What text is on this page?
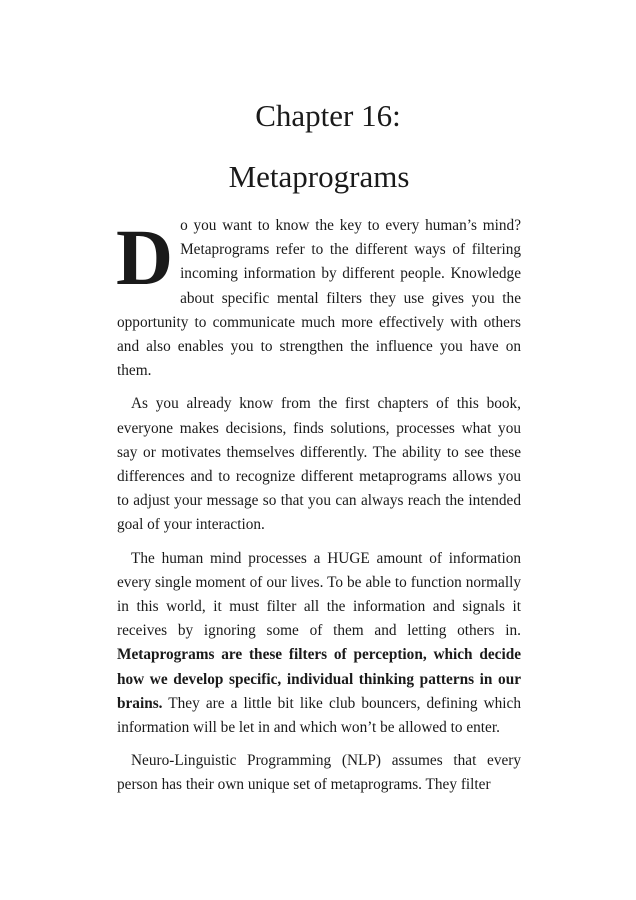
Chapter 16:
Metaprograms

Do you want to know the key to every human’s mind? Metaprograms refer to the different ways of filtering incoming information by different people. Knowledge about specific mental filters they use gives you the opportunity to communicate much more effectively with others and also enables you to strengthen the influence you have on them.

As you already know from the first chapters of this book, everyone makes decisions, finds solutions, processes what you say or motivates themselves differently. The ability to see these differences and to recognize different metaprograms allows you to adjust your message so that you can always reach the intended goal of your interaction.

The human mind processes a HUGE amount of information every single moment of our lives. To be able to function normally in this world, it must filter all the information and signals it receives by ignoring some of them and letting others in. Metaprograms are these filters of perception, which decide how we develop specific, individual thinking patterns in our brains. They are a little bit like club bouncers, defining which information will be let in and which won’t be allowed to enter.

Neuro-Linguistic Programming (NLP) assumes that every person has their own unique set of metaprograms. They filter
